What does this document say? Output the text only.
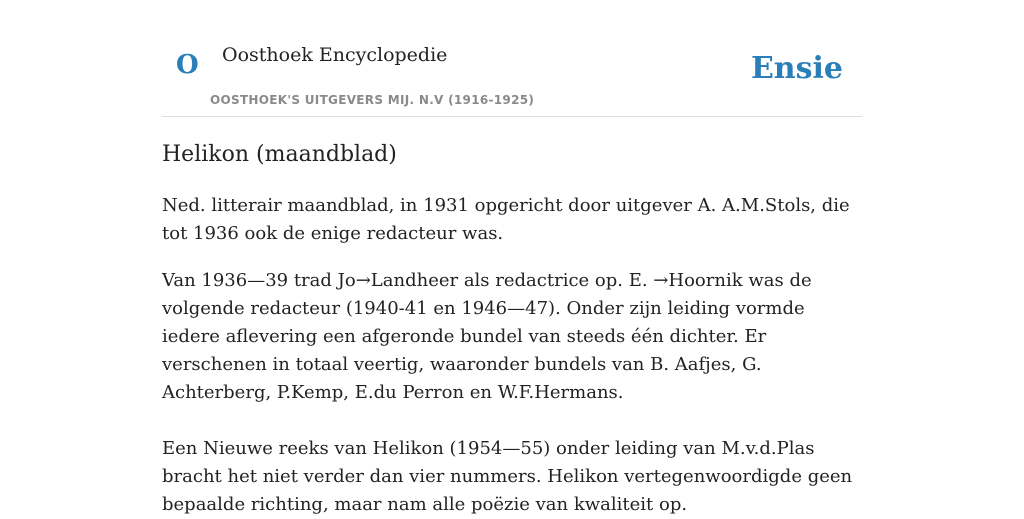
O Oosthoek Encyclopedie
OOSTHOEK'S UITGEVERS MIJ. N.V (1916-1925)
Ensie
Helikon (maandblad)

Ned. litterair maandblad, in 1931 opgericht door uitgever A. A.M.Stols, die tot 1936 ook de enige redacteur was.

Van 1936—39 trad Jo→Landheer als redactrice op. E. →Hoornik was de volgende redacteur (1940-41 en 1946—47). Onder zijn leiding vormde iedere aflevering een afgeronde bundel van steeds één dichter. Er verschenen in totaal veertig, waaronder bundels van B. Aafjes, G. Achterberg, P.Kemp, E.du Perron en W.F.Hermans.

Een Nieuwe reeks van Helikon (1954—55) onder leiding van M.v.d.Plas bracht het niet verder dan vier nummers. Helikon vertegenwoordigde geen bepaalde richting, maar nam alle poëzie van kwaliteit op.
